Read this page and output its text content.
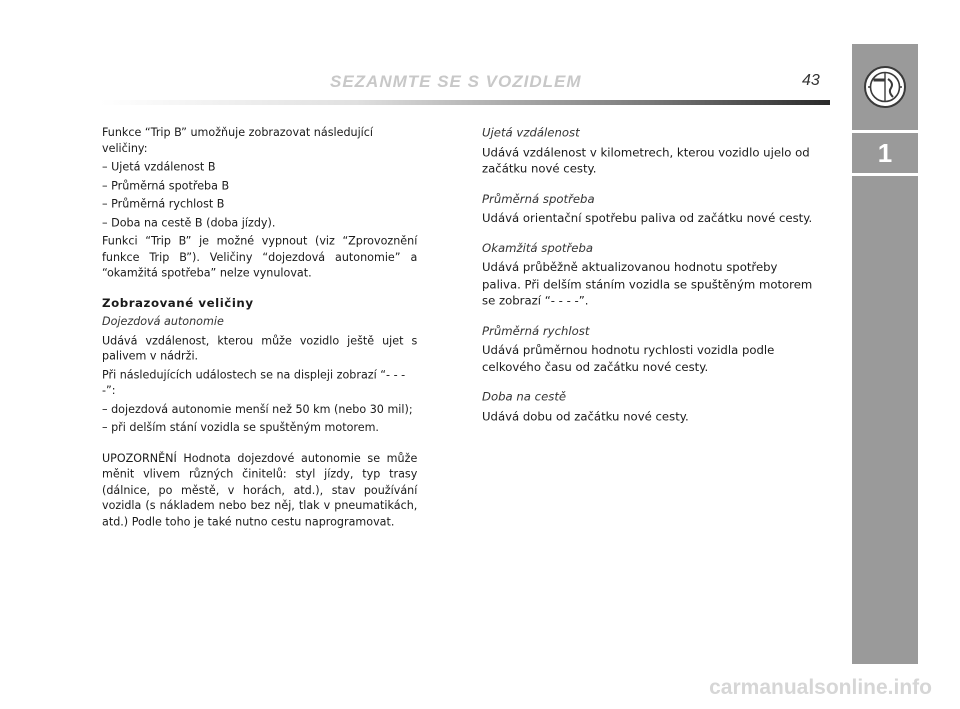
SEZANMTE SE S VOZIDLEM	43
1

Funkce “Trip B” umožňuje zobrazovat následující veličiny:

– Ujetá vzdálenost B

– Průměrná spotřeba B

– Průměrná rychlost B

– Doba na cestě B (doba jízdy).

Funkci “Trip B” je možné vypnout (viz “Zprovoznění funkce Trip B”). Veličiny “dojezdová autonomie” a “okamžitá spotřeba” nelze vynulovat.

Zobrazované veličiny

Dojezdová autonomie

Udává vzdálenost, kterou může vozidlo ještě ujet s palivem v nádrži.

Při následujících událostech se na displeji zobrazí “- - - -”:

– dojezdová autonomie menší než 50 km (nebo 30 mil);

– při delším stání vozidla se spuštěným motorem.

UPOZORNĚNÍ Hodnota dojezdové autonomie se může měnit vlivem různých činitelů: styl jízdy, typ trasy (dálnice, po městě, v horách, atd.), stav používání vozidla (s nákladem nebo bez něj, tlak v pneumatikách, atd.) Podle toho je také nutno cestu naprogramovat.

Ujetá vzdálenost

Udává vzdálenost v kilometrech, kterou vozidlo ujelo od začátku nové cesty.

Průměrná spotřeba

Udává orientační spotřebu paliva od začátku nové cesty.

Okamžitá spotřeba

Udává průběžně aktualizovanou hodnotu spotřeby paliva. Při delším stáním vozidla se spuštěným motorem se zobrazí “- - - -”.

Průměrná rychlost

Udává průměrnou hodnotu rychlosti vozidla podle celkového času od začátku nové cesty.

Doba na cestě

Udává dobu od začátku nové cesty.

carmanualsonline.info
